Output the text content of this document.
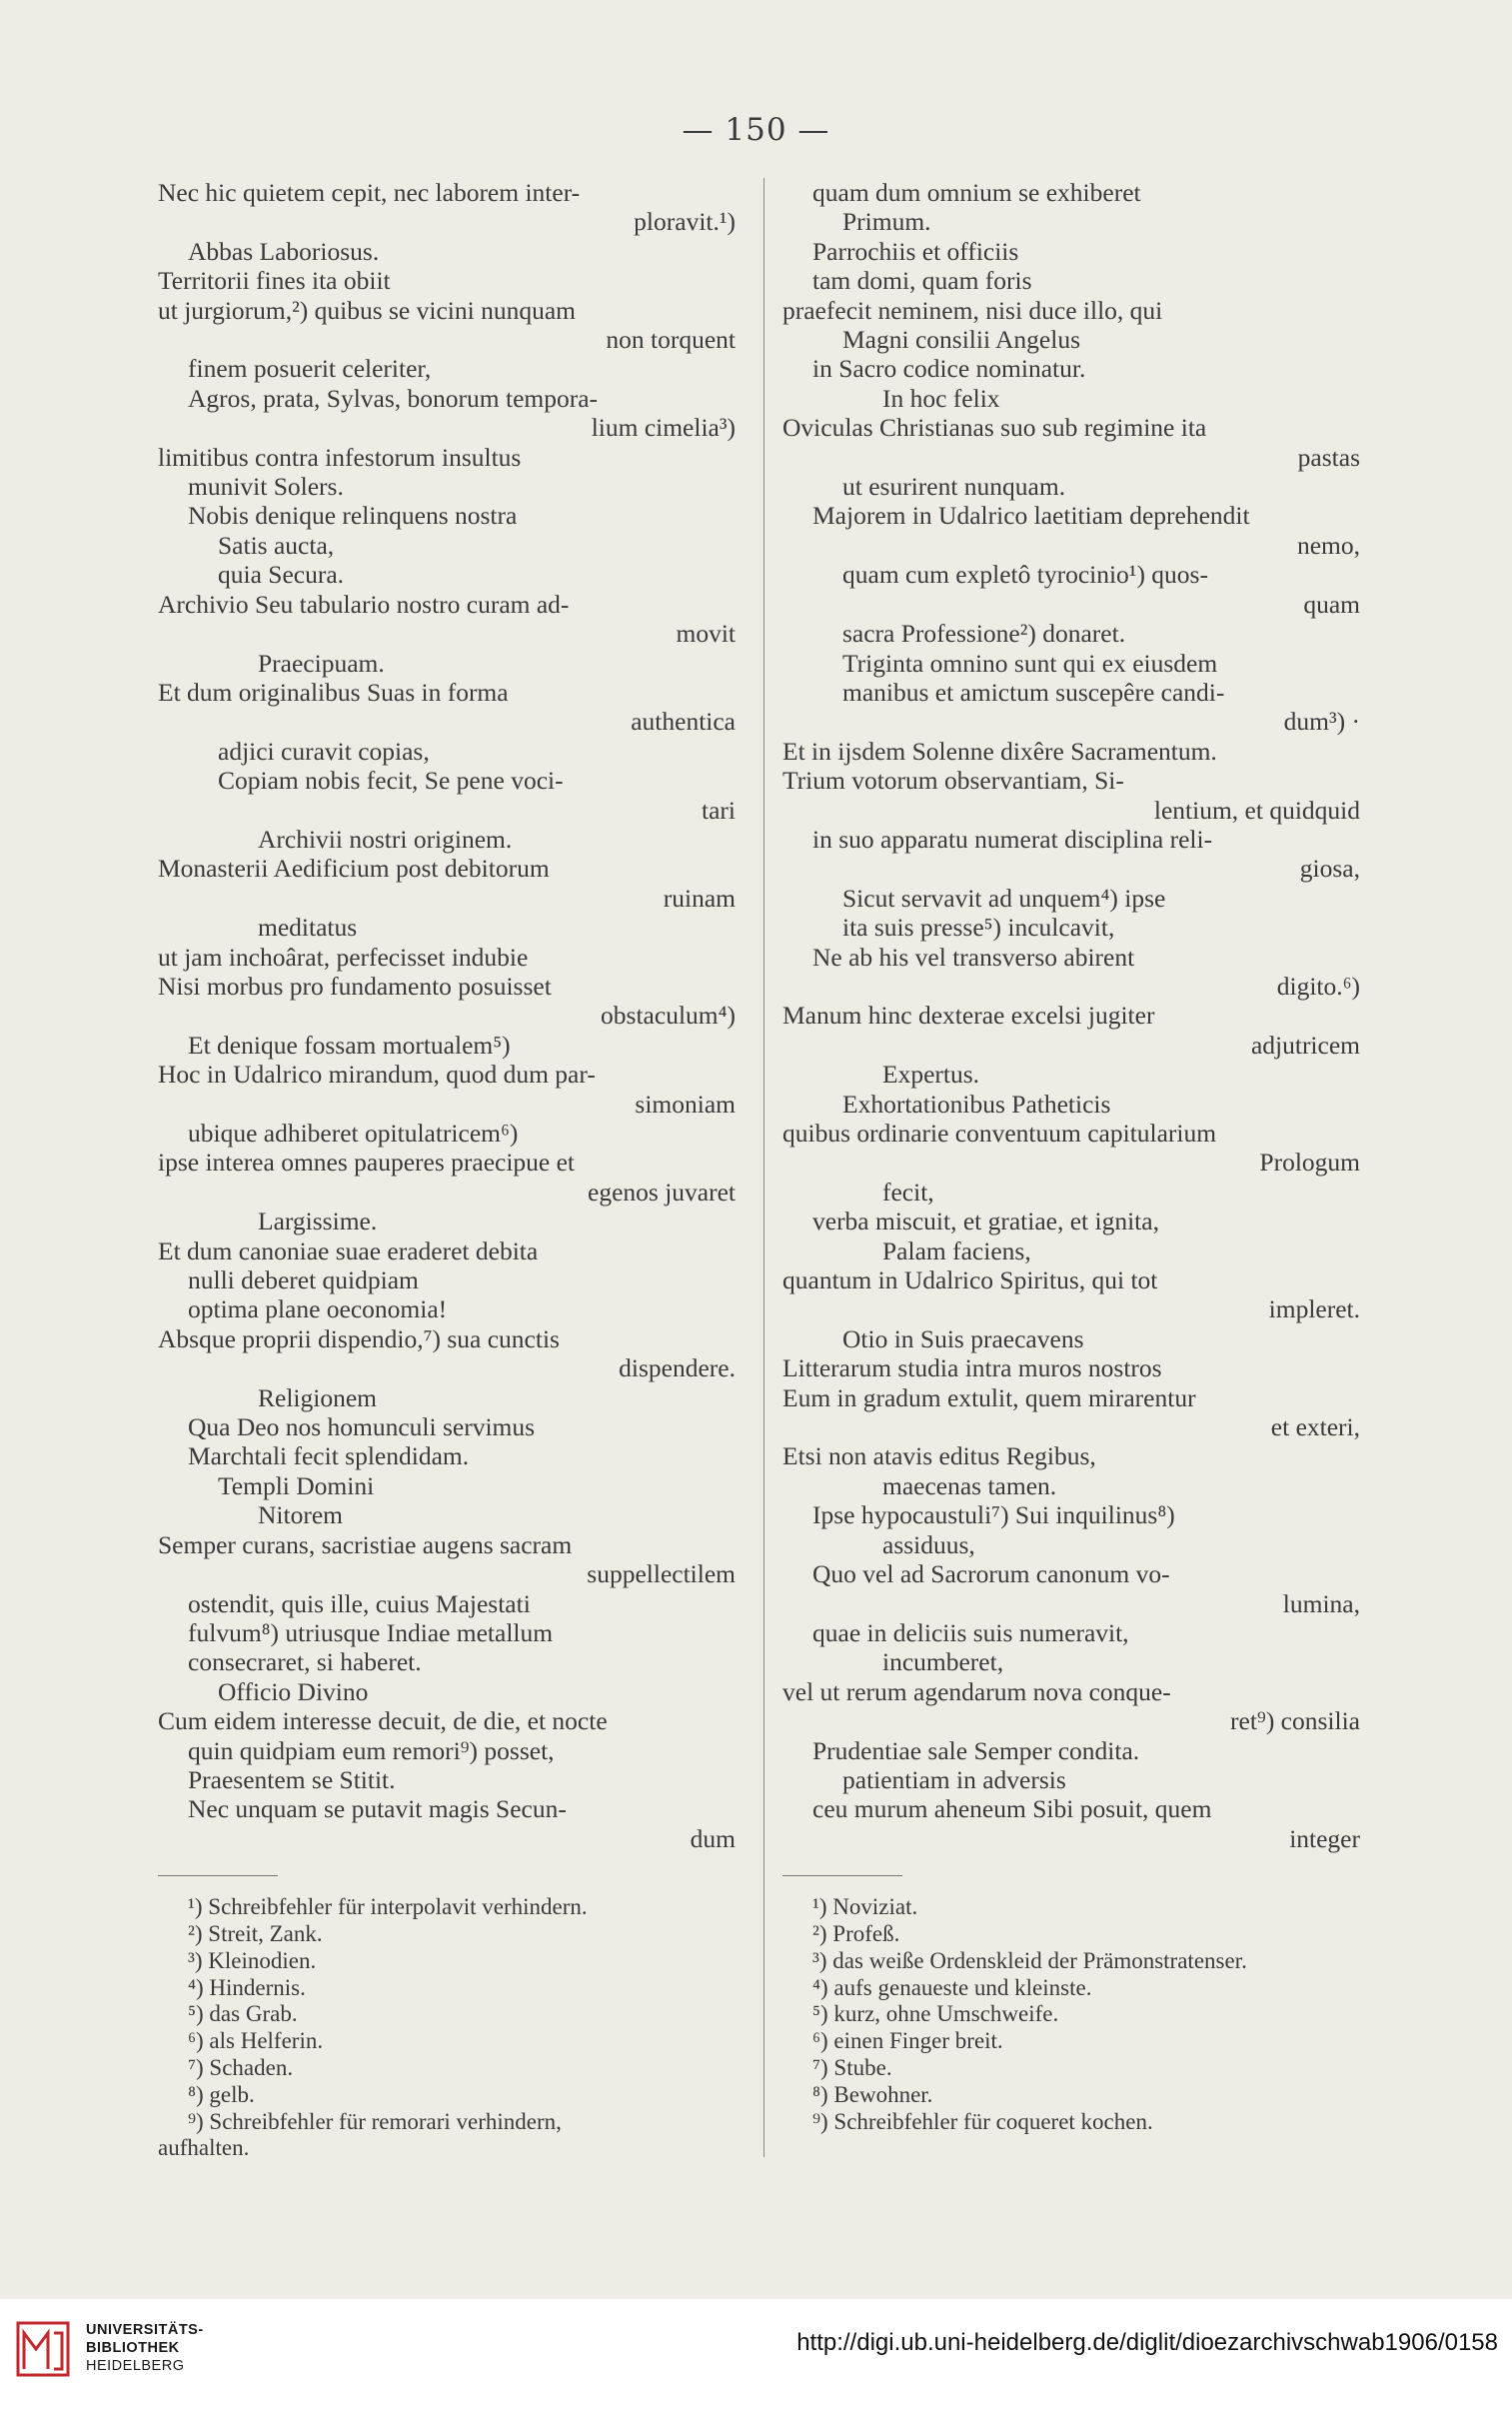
— 150 —
Nec hic quietem cepit, nec laborem inter-
ploravit.¹)
Abbas Laboriosus.
Territorii fines ita obiit
ut jurgiorum,²) quibus se vicini nunquam
non torquent
finem posuerit celeriter,
Agros, prata, Sylvas, bonorum tempora-
lium cimelia³)
limitibus contra infestorum insultus
munivit Solers.
Nobis denique relinquens nostra
Satis aucta,
quia Secura.
Archivio Seu tabulario nostro curam ad-
movit
Praecipuam.
Et dum originalibus Suas in forma
authentica
adjici curavit copias,
Copiam nobis fecit, Se pene voci-
tari
Archivii nostri originem.
Monasterii Aedificium post debitorum
ruinam
meditatus
ut jam inchoârat, perfecisset indubie
Nisi morbus pro fundamento posuisset
obstaculum⁴)
Et denique fossam mortualem⁵)
Hoc in Udalrico mirandum, quod dum par-
simoniam
ubique adhiberet opitulatricem⁶)
ipse interea omnes pauperes praecipue et
egenos juvaret
Largissime.
Et dum canoniae suae eraderet debita
nulli deberet quidpiam
optima plane oeconomia!
Absque proprii dispendio,⁷) sua cunctis
dispendere.
Religionem
Qua Deo nos homunculi servimus
Marchtali fecit splendidam.
Templi Domini
Nitorem
Semper curans, sacristiae augens sacram
suppellectilem
ostendit, quis ille, cuius Majestati
fulvum⁸) utriusque Indiae metallum
consecraret, si haberet.
Officio Divino
Cum eidem interesse decuit, de die, et nocte
quin quidpiam eum remori⁹) posset,
Praesentem se Stitit.
Nec unquam se putavit magis Secun-
dum
¹) Schreibfehler für interpolavit verhindern.
²) Streit, Zank.
³) Kleinodien.
⁴) Hindernis.
⁵) das Grab.
⁶) als Helferin.
⁷) Schaden.
⁸) gelb.
⁹) Schreibfehler für remorari verhindern,
aufhalten.
quam dum omnium se exhiberet
Primum.
Parrochiis et officiis
tam domi, quam foris
praefecit neminem, nisi duce illo, qui
Magni consilii Angelus
in Sacro codice nominatur.
In hoc felix
Oviculas Christianas suo sub regimine ita
pastas
ut esurirent nunquam.
Majorem in Udalrico laetitiam deprehendit
nemo,
quam cum expletô tyrocinio¹) quos-
quam
sacra Professione²) donaret.
Triginta omnino sunt qui ex eiusdem
manibus et amictum suscepêre candi-
dum³) ·
Et in ijsdem Solenne dixêre Sacramentum.
Trium votorum observantiam, Si-
lentium, et quidquid
in suo apparatu numerat disciplina reli-
giosa,
Sicut servavit ad unquem⁴) ipse
ita suis presse⁵) inculcavit,
Ne ab his vel transverso abirent
digito.⁶)
Manum hinc dexterae excelsi jugiter
adjutricem
Expertus.
Exhortationibus Patheticis
quibus ordinarie conventuum capitularium
Prologum
fecit,
verba miscuit, et gratiae, et ignita,
Palam faciens,
quantum in Udalrico Spiritus, qui tot
impleret.
Otio in Suis praecavens
Litterarum studia intra muros nostros
Eum in gradum extulit, quem mirarentur
et exteri,
Etsi non atavis editus Regibus,
maecenas tamen.
Ipse hypocaustuli⁷) Sui inquilinus⁸)
assiduus,
Quo vel ad Sacrorum canonum vo-
lumina,
quae in deliciis suis numeravit,
incumberet,
vel ut rerum agendarum nova conque-
ret⁹) consilia
Prudentiae sale Semper condita.
patientiam in adversis
ceu murum aheneum Sibi posuit, quem
integer
¹) Noviziat.
²) Profeß.
³) das weiße Ordenskleid der Prämonstratenser.
⁴) aufs genaueste und kleinste.
⁵) kurz, ohne Umschweife.
⁶) einen Finger breit.
⁷) Stube.
⁸) Bewohner.
⁹) Schreibfehler für coqueret kochen.
UNIVERSITÄTS-
BIBLIOTHEK
HEIDELBERG
http://digi.ub.uni-heidelberg.de/diglit/dioezarchivschwab1906/0158
